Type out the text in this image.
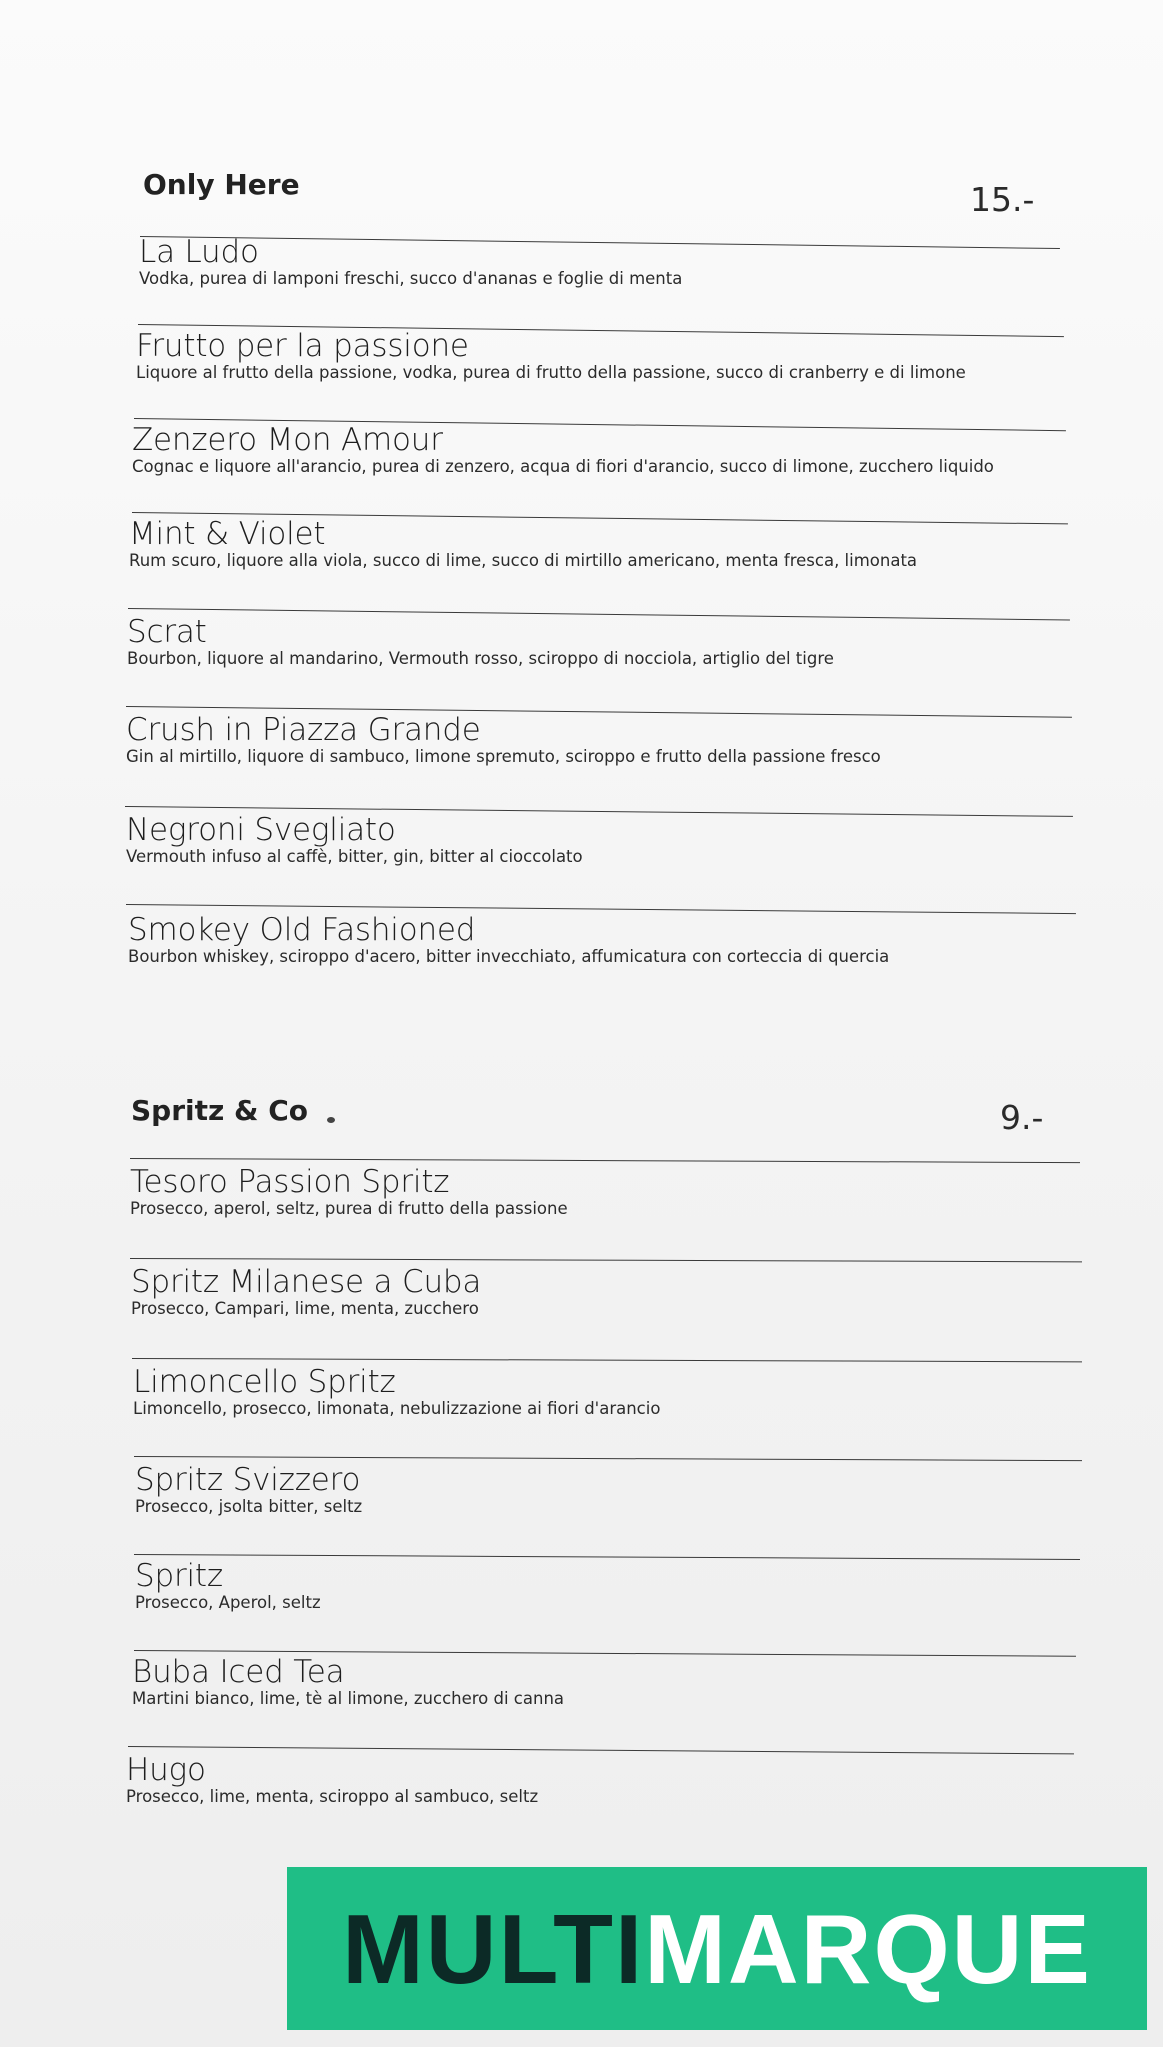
Only Here	15.-
La Ludo
Vodka, purea di lamponi freschi, succo d'ananas e foglie di menta
Frutto per la passione
Liquore al frutto della passione, vodka, purea di frutto della passione, succo di cranberry e di limone
Zenzero Mon Amour
Cognac e liquore all'arancio, purea di zenzero, acqua di fiori d'arancio, succo di limone, zucchero liquido
Mint & Violet
Rum scuro, liquore alla viola, succo di lime, succo di mirtillo americano, menta fresca, limonata
Scrat
Bourbon, liquore al mandarino, Vermouth rosso, sciroppo di nocciola, artiglio del tigre
Crush in Piazza Grande
Gin al mirtillo, liquore di sambuco, limone spremuto, sciroppo e frutto della passione fresco
Negroni Svegliato
Vermouth infuso al caffè, bitter, gin, bitter al cioccolato
Smokey Old Fashioned
Bourbon whiskey, sciroppo d'acero, bitter invecchiato, affumicatura con corteccia di quercia
Spritz & Co	9.-
Tesoro Passion Spritz
Prosecco, aperol, seltz, purea di frutto della passione
Spritz Milanese a Cuba
Prosecco, Campari, lime, menta, zucchero
Limoncello Spritz
Limoncello, prosecco, limonata, nebulizzazione ai fiori d'arancio
Spritz Svizzero
Prosecco, jsolta bitter, seltz
Spritz
Prosecco, Aperol, seltz
Buba Iced Tea
Martini bianco, lime, tè al limone, zucchero di canna
Hugo
Prosecco, lime, menta, sciroppo al sambuco, seltz
MULTIMARQUE
